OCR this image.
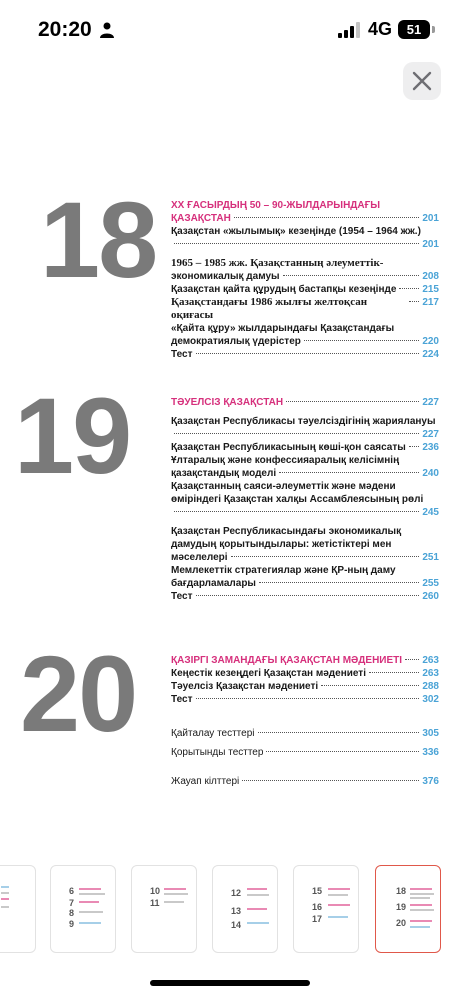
20:20	4G	51
18
19
20
ХХ ҒАСЫРДЫҢ 50 – 90-ЖЫЛДАРЫНДАҒЫ
ҚАЗАҚСТАН	201
Қазақстан «жылымық» кезеңінде (1954 – 1964 жж.)
201
1965 – 1985 жж. Қазақстанның әлеуметтік-
экономикалық дамуы	208
Қазақстан қайта құрудың бастапқы кезеңінде	215
Қазақстандағы 1986 жылғы желтоқсан оқиғасы
217
«Қайта құру» жылдарындағы Қазақстандағы
демократиялық үдерістер	220
Тест	224
ТӘУЕЛСІЗ ҚАЗАҚСТАН	227
Қазақстан Республикасы тәуелсіздігінің жариялануы
227
Қазақстан Республикасының көші-қон саясаты 236
Ұлтаралық және конфессияаралық келісімнің
қазақстандық моделі	240
Қазақстанның саяси-әлеуметтік және мәдени
өміріндегі Қазақстан халқы Ассамблеясының рөлі
245
Қазақстан Республикасындағы экономикалық
дамудың қорытындылары: жетістіктері мен
мәселелері	251
Мемлекеттік стратегиялар және ҚР-ның даму
бағдарламалары	255
Тест	260
ҚАЗІРГІ ЗАМАНДАҒЫ ҚАЗАҚСТАН МӘДЕНИЕТІ 263
Кеңестік кезеңдегі Қазақстан мәдениеті	263
Тәуелсіз Қазақстан мәдениеті	288
Тест	302
Қайталау тесттері	305
Қорытынды тесттер	336
Жауап кілттері	376
6
7
8
9
10
11
12
13
14
15
16
17
18
19
20
